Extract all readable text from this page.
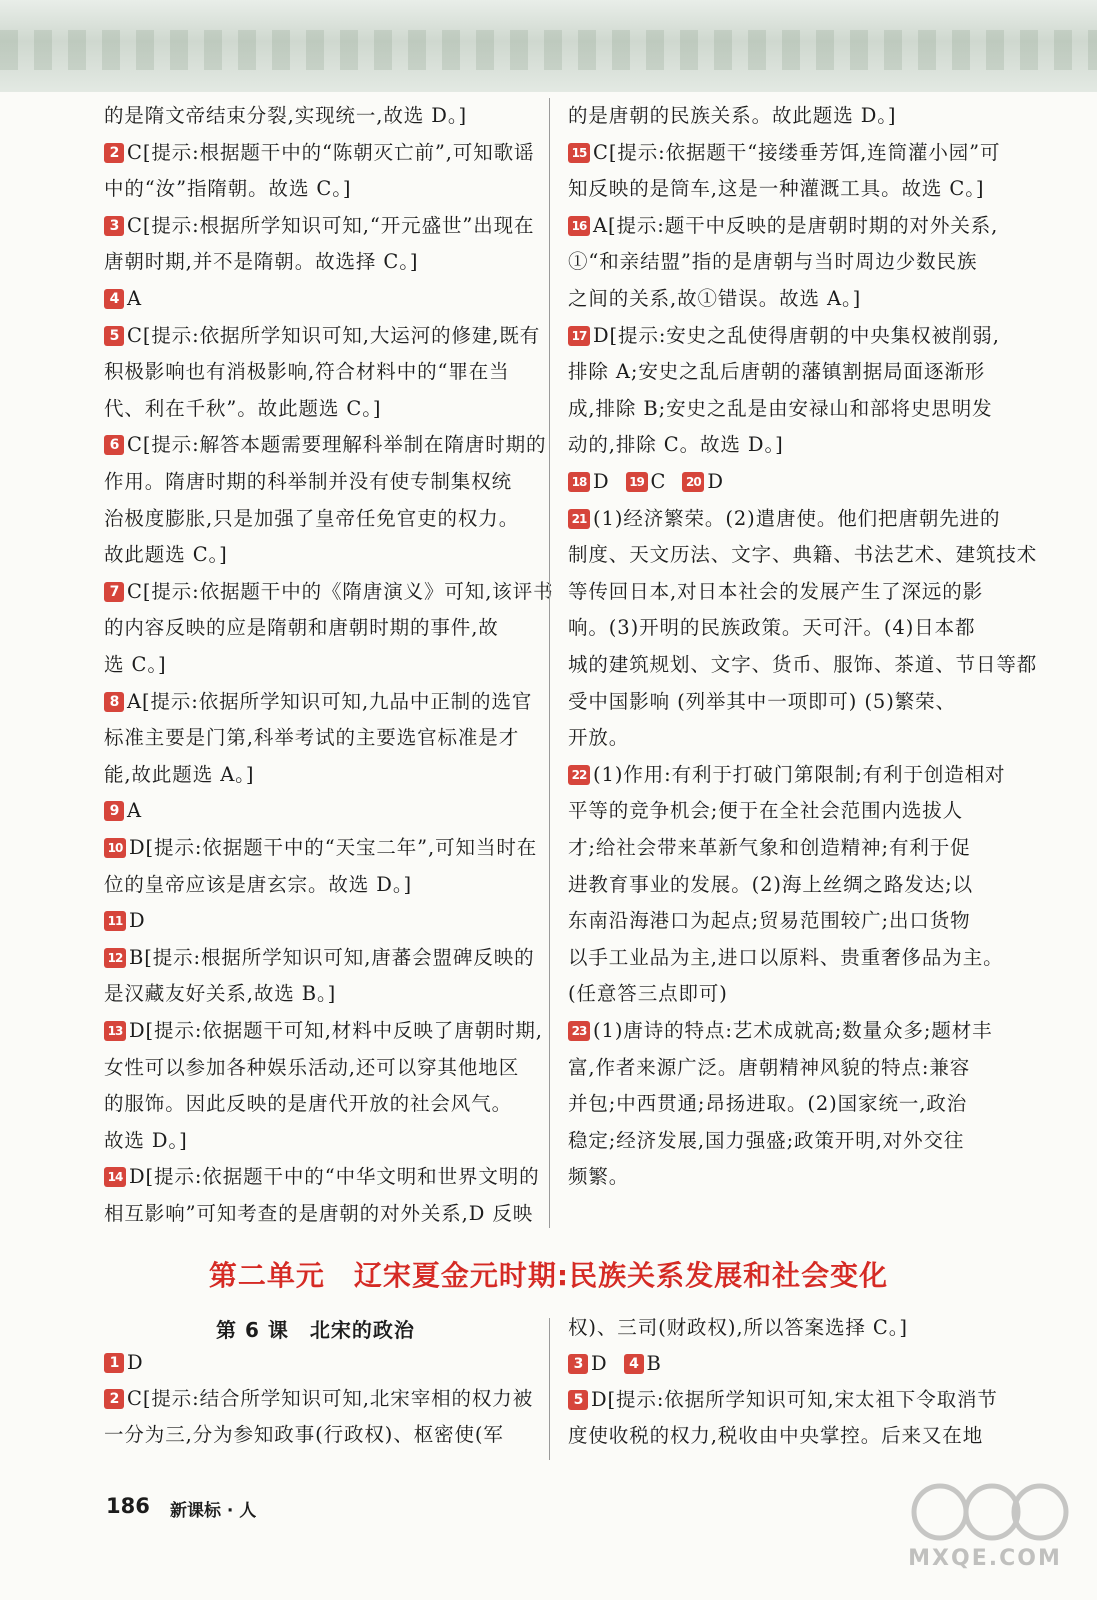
的是隋文帝结束分裂,实现统一,故选 D。]
2 C[提示:根据题干中的“陈朝灭亡前”,可知歌谣
中的“汝”指隋朝。故选 C。]
3 C[提示:根据所学知识可知,“开元盛世”出现在
唐朝时期,并不是隋朝。故选择 C。]
4 A
5 C[提示:依据所学知识可知,大运河的修建,既有
积极影响也有消极影响,符合材料中的“罪在当
代、利在千秋”。故此题选 C。]
6 C[提示:解答本题需要理解科举制在隋唐时期的
作用。隋唐时期的科举制并没有使专制集权统
治极度膨胀,只是加强了皇帝任免官吏的权力。
故此题选 C。]
7 C[提示:依据题干中的《隋唐演义》可知,该评书
的内容反映的应是隋朝和唐朝时期的事件,故
选 C。]
8 A[提示:依据所学知识可知,九品中正制的选官
标准主要是门第,科举考试的主要选官标准是才
能,故此题选 A。]
9 A
10 D[提示:依据题干中的“天宝二年”,可知当时在
位的皇帝应该是唐玄宗。故选 D。]
11 D
12 B[提示:根据所学知识可知,唐蕃会盟碑反映的
是汉藏友好关系,故选 B。]
13 D[提示:依据题干可知,材料中反映了唐朝时期,
女性可以参加各种娱乐活动,还可以穿其他地区
的服饰。因此反映的是唐代开放的社会风气。
故选 D。]
14 D[提示:依据题干中的“中华文明和世界文明的
相互影响”可知考查的是唐朝的对外关系,D 反映
的是唐朝的民族关系。故此题选 D。]
15 C[提示:依据题干“接缕垂芳饵,连筒灌小园”可
知反映的是筒车,这是一种灌溉工具。故选 C。]
16 A[提示:题干中反映的是唐朝时期的对外关系,
①“和亲结盟”指的是唐朝与当时周边少数民族
之间的关系,故①错误。故选 A。]
17 D[提示:安史之乱使得唐朝的中央集权被削弱,
排除 A;安史之乱后唐朝的藩镇割据局面逐渐形
成,排除 B;安史之乱是由安禄山和部将史思明发
动的,排除 C。故选 D。]
18 D 19 C 20 D
21 (1)经济繁荣。(2)遣唐使。他们把唐朝先进的
制度、天文历法、文字、典籍、书法艺术、建筑技术
等传回日本,对日本社会的发展产生了深远的影
响。(3)开明的民族政策。天可汗。(4)日本都
城的建筑规划、文字、货币、服饰、茶道、节日等都
受中国影响 (列举其中一项即可) (5)繁荣、
开放。
22 (1)作用:有利于打破门第限制;有利于创造相对
平等的竞争机会;便于在全社会范围内选拔人
才;给社会带来革新气象和创造精神;有利于促
进教育事业的发展。(2)海上丝绸之路发达;以
东南沿海港口为起点;贸易范围较广;出口货物
以手工业品为主,进口以原料、贵重奢侈品为主。
(任意答三点即可)
23 (1)唐诗的特点:艺术成就高;数量众多;题材丰
富,作者来源广泛。唐朝精神风貌的特点:兼容
并包;中西贯通;昂扬进取。(2)国家统一,政治
稳定;经济发展,国力强盛;政策开明,对外交往
频繁。
第二单元　辽宋夏金元时期:民族关系发展和社会变化
第 6 课　北宋的政治
1 D
2 C[提示:结合所学知识可知,北宋宰相的权力被
一分为三,分为参知政事(行政权)、枢密使(军
权)、三司(财政权),所以答案选择 C。]
3 D 4 B
5 D[提示:依据所学知识可知,宋太祖下令取消节
度使收税的权力,税收由中央掌控。后来又在地
186 新课标 · 人
MXQE.COM
